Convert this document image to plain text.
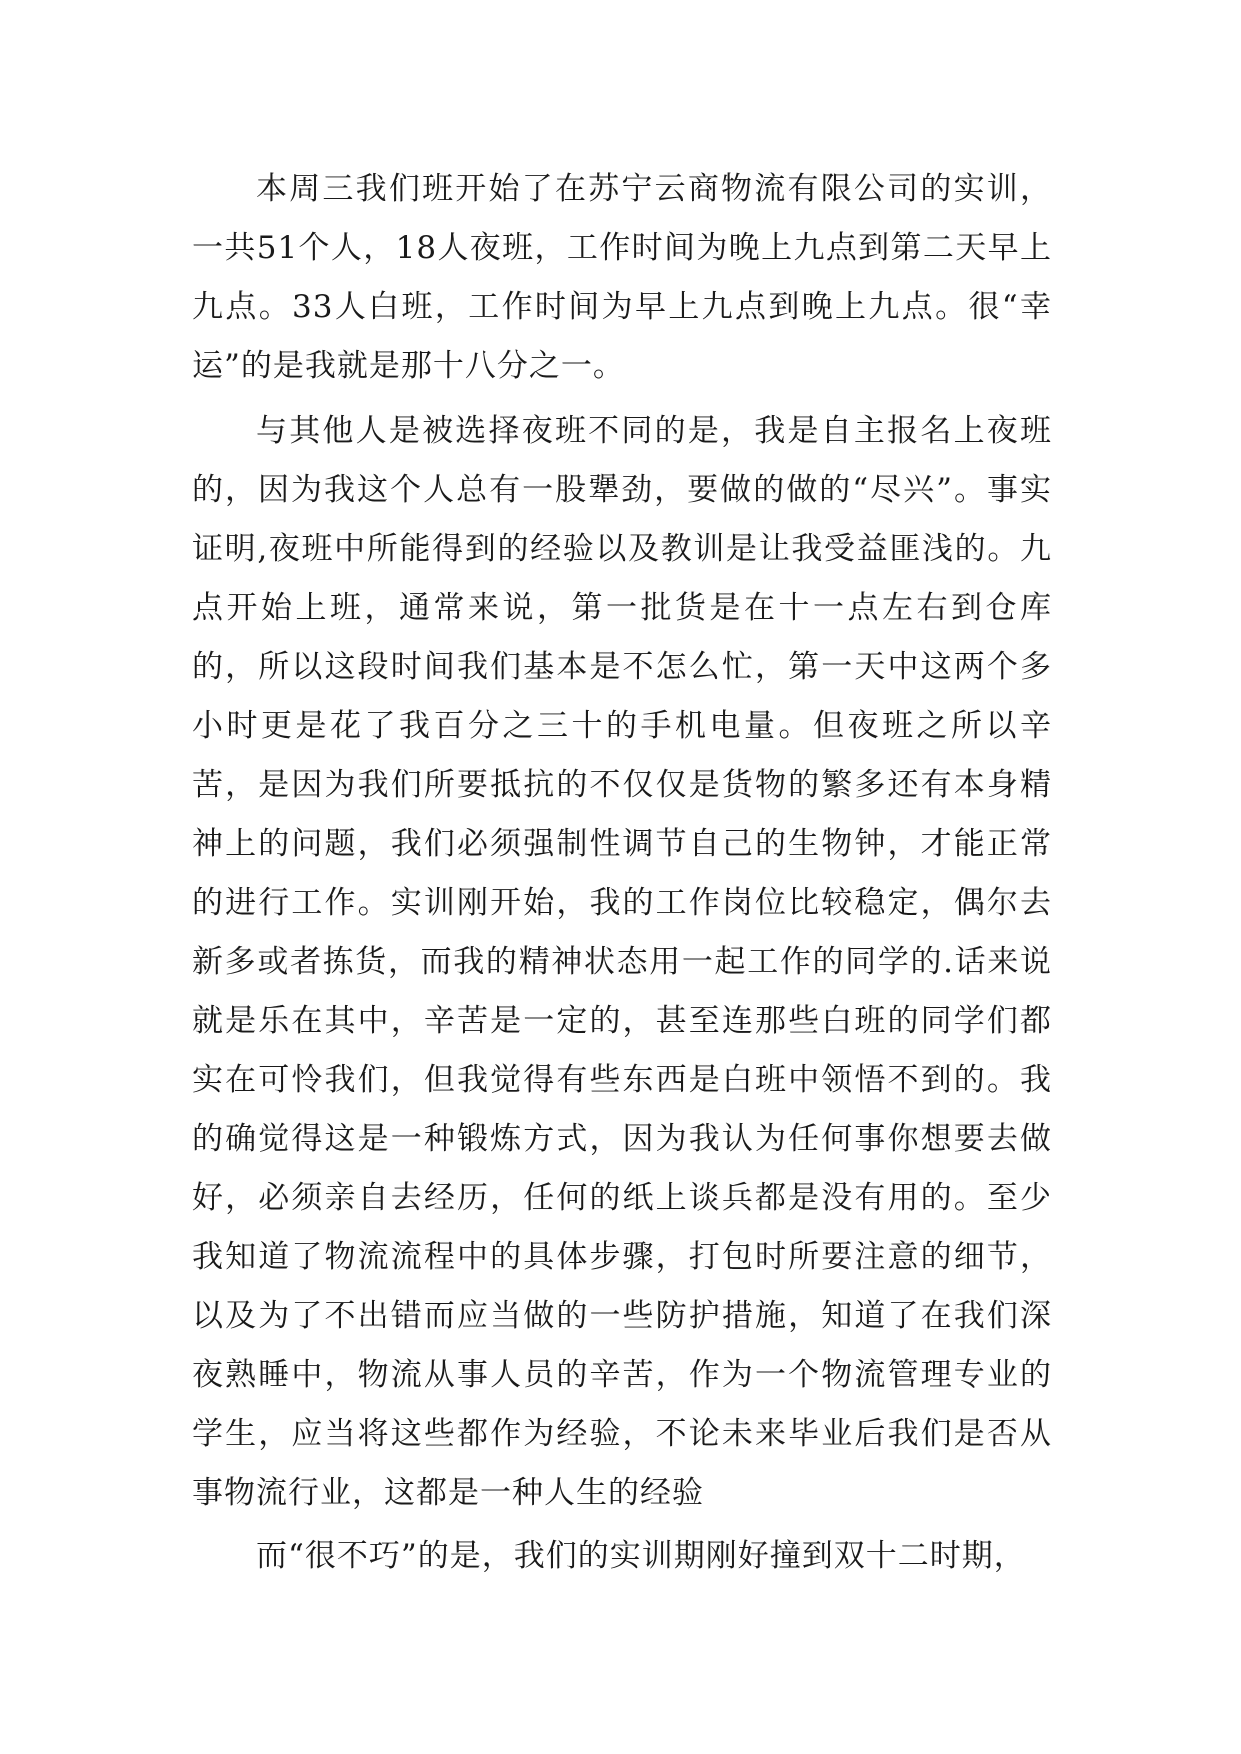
本周三我们班开始了在苏宁云商物流有限公司的实训，一共51个人，18人夜班，工作时间为晚上九点到第二天早上九点。33人白班，工作时间为早上九点到晚上九点。很“幸运”的是我就是那十八分之一。

与其他人是被选择夜班不同的是，我是自主报名上夜班的，因为我这个人总有一股犟劲，要做的做的“尽兴”。事实证明,夜班中所能得到的经验以及教训是让我受益匪浅的。九点开始上班，通常来说，第一批货是在十一点左右到仓库的，所以这段时间我们基本是不怎么忙，第一天中这两个多小时更是花了我百分之三十的手机电量。但夜班之所以辛苦，是因为我们所要抵抗的不仅仅是货物的繁多还有本身精神上的问题，我们必须强制性调节自己的生物钟，才能正常的进行工作。实训刚开始，我的工作岗位比较稳定，偶尔去新多或者拣货，而我的精神状态用一起工作的同学的.话来说就是乐在其中，辛苦是一定的，甚至连那些白班的同学们都实在可怜我们，但我觉得有些东西是白班中领悟不到的。我的确觉得这是一种锻炼方式，因为我认为任何事你想要去做好，必须亲自去经历，任何的纸上谈兵都是没有用的。至少我知道了物流流程中的具体步骤，打包时所要注意的细节，以及为了不出错而应当做的一些防护措施，知道了在我们深夜熟睡中，物流从事人员的辛苦，作为一个物流管理专业的学生，应当将这些都作为经验，不论未来毕业后我们是否从事物流行业，这都是一种人生的经验

而“很不巧”的是，我们的实训期刚好撞到双十二时期，
